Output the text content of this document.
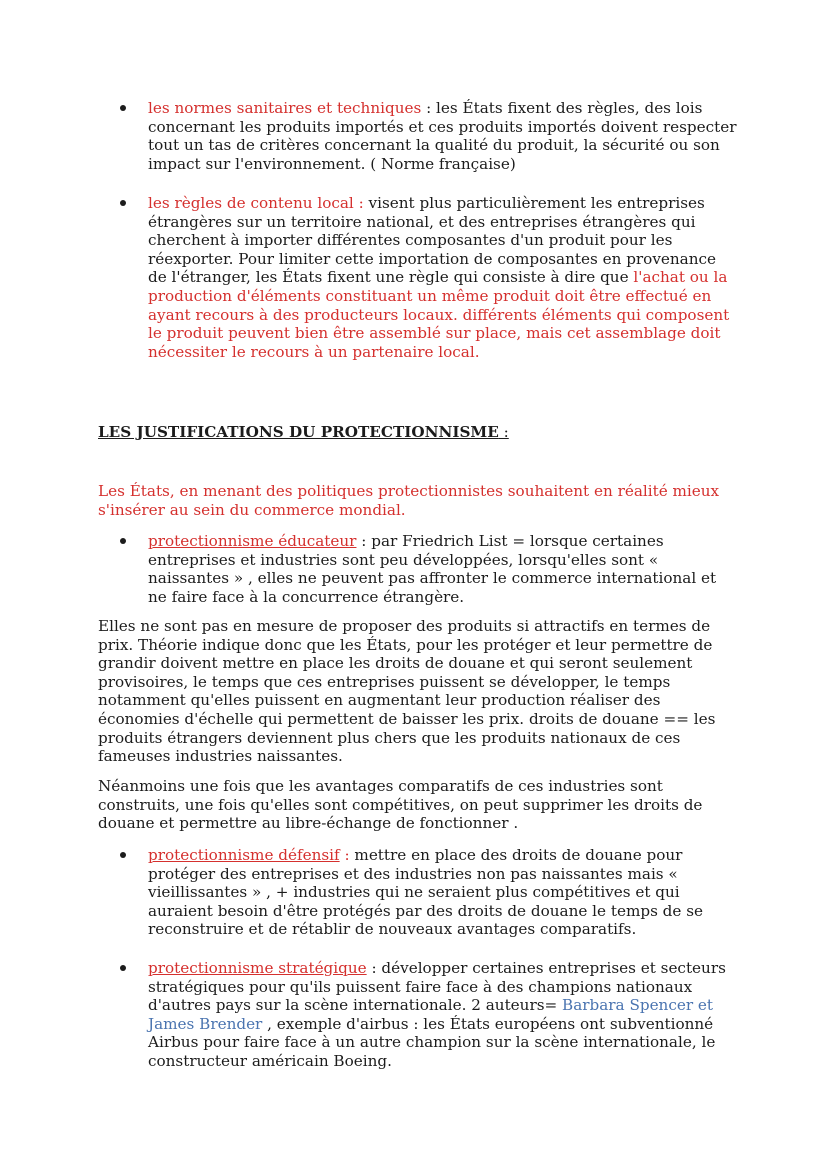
les normes sanitaires et techniques : les États fixent des règles, des lois concernant les produits importés et ces produits importés doivent respecter tout un tas de critères concernant la qualité du produit, la sécurité ou son impact sur l'environnement. ( Norme française)
les règles de contenu local : visent plus particulièrement les entreprises étrangères sur un territoire national, et des entreprises étrangères qui cherchent à importer différentes composantes d'un produit pour les réexporter. Pour limiter cette importation de composantes en provenance de l'étranger, les États fixent une règle qui consiste à dire que l'achat ou la production d'éléments constituant un même produit doit être effectué en ayant recours à des producteurs locaux. différents éléments qui composent le produit peuvent bien être assemblé sur place, mais cet assemblage doit nécessiter le recours à un partenaire local.
LES JUSTIFICATIONS DU PROTECTIONNISME :
Les États, en menant des politiques protectionnistes souhaitent en réalité mieux s'insérer au sein du commerce mondial.
protectionnisme éducateur : par Friedrich List = lorsque certaines entreprises et industries sont peu développées, lorsqu'elles sont « naissantes » , elles ne peuvent pas affronter le commerce international et ne faire face à la concurrence étrangère.
Elles ne sont pas en mesure de proposer des produits si attractifs en termes de prix. Théorie indique donc que les États, pour les protéger et leur permettre de grandir doivent mettre en place les droits de douane et qui seront seulement provisoires, le temps que ces entreprises puissent se développer, le temps notamment qu'elles puissent en augmentant leur production réaliser des économies d'échelle qui permettent de baisser les prix. droits de douane == les produits étrangers deviennent plus chers que les produits nationaux de ces fameuses industries naissantes.
Néanmoins une fois que les avantages comparatifs de ces industries sont construits, une fois qu'elles sont compétitives, on peut supprimer les droits de douane et permettre au libre-échange de fonctionner .
protectionnisme défensif : mettre en place des droits de douane pour protéger des entreprises et des industries non pas naissantes mais « vieillissantes » , + industries qui ne seraient plus compétitives et qui auraient besoin d'être protégés par des droits de douane le temps de se reconstruire et de rétablir de nouveaux avantages comparatifs.
protectionnisme stratégique : développer certaines entreprises et secteurs stratégiques pour qu'ils puissent faire face à des champions nationaux d'autres pays sur la scène internationale. 2 auteurs= Barbara Spencer et James Brender , exemple d'airbus : les États européens ont subventionné Airbus pour faire face à un autre champion sur la scène internationale, le constructeur américain Boeing.
